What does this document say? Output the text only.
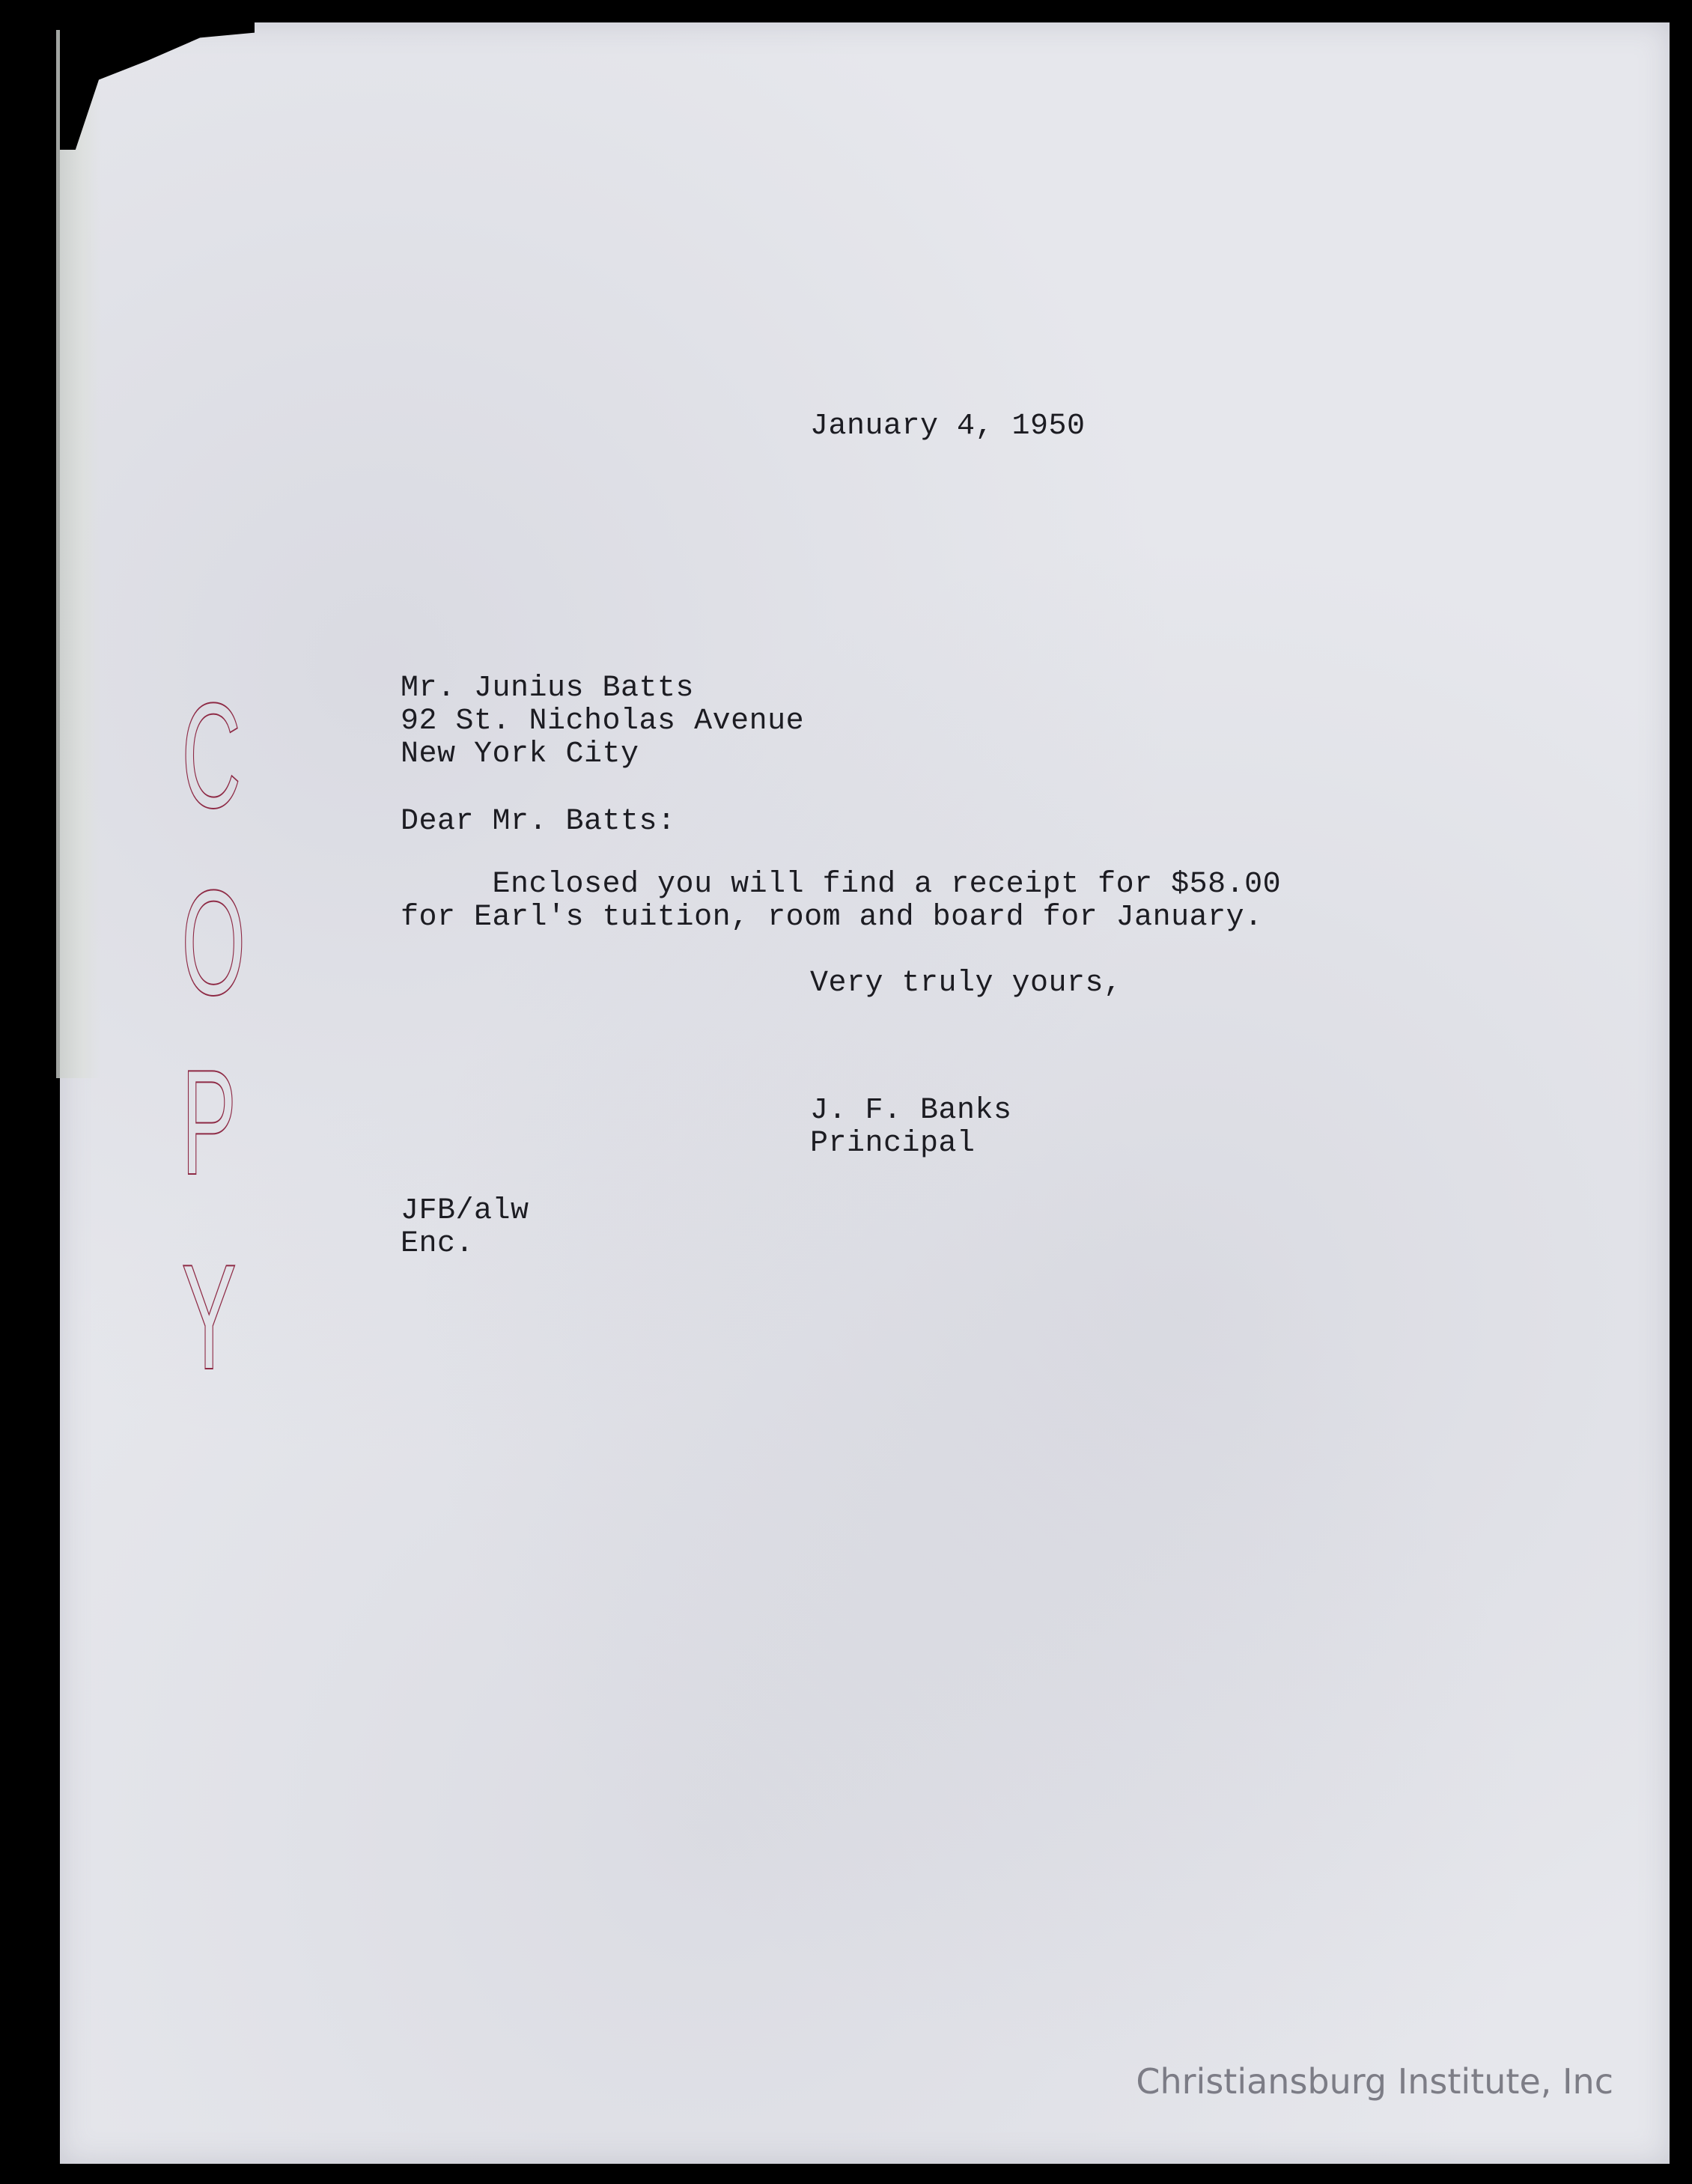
January 4, 1950

Mr. Junius Batts

92 St. Nicholas Avenue

New York City

Dear Mr. Batts:

Enclosed you will find a receipt for $58.00

for Earl's tuition, room and board for January.

Very truly yours,

J. F. Banks

Principal

JFB/alw

Enc.

C
O
P
Y
Christiansburg Institute, Inc
